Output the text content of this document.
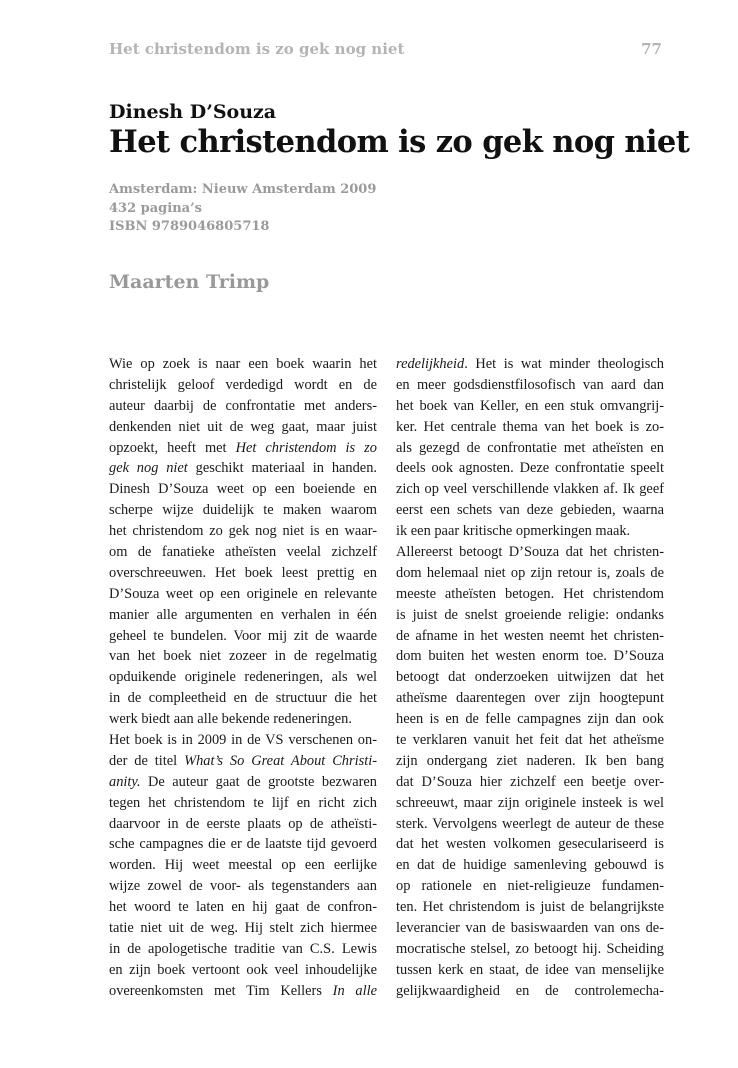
Het christendom is zo gek nog niet	77
Dinesh D’Souza
Het christendom is zo gek nog niet
Amsterdam: Nieuw Amsterdam 2009
432 pagina’s
ISBN 9789046805718
Maarten Trimp
Wie op zoek is naar een boek waarin het
christelijk geloof verdedigd wordt en de
auteur daarbij de confrontatie met anders-
denkenden niet uit de weg gaat, maar juist
opzoekt, heeft met Het christendom is zo
gek nog niet geschikt materiaal in handen.
Dinesh D’Souza weet op een boeiende en
scherpe wijze duidelijk te maken waarom
het christendom zo gek nog niet is en waar-
om de fanatieke atheïsten veelal zichzelf
overschreeuwen. Het boek leest prettig en
D’Souza weet op een originele en relevante
manier alle argumenten en verhalen in één
geheel te bundelen. Voor mij zit de waarde
van het boek niet zozeer in de regelmatig
opduikende originele redeneringen, als wel
in de compleetheid en de structuur die het
werk biedt aan alle bekende redeneringen.
Het boek is in 2009 in de VS verschenen on-
der de titel What’s So Great About Christi-
anity. De auteur gaat de grootste bezwaren
tegen het christendom te lijf en richt zich
daarvoor in de eerste plaats op de atheïsti-
sche campagnes die er de laatste tijd gevoerd
worden. Hij weet meestal op een eerlijke
wijze zowel de voor- als tegenstanders aan
het woord te laten en hij gaat de confron-
tatie niet uit de weg. Hij stelt zich hiermee
in de apologetische traditie van C.S. Lewis
en zijn boek vertoont ook veel inhoudelijke
overeenkomsten met Tim Kellers In alle
redelijkheid. Het is wat minder theologisch
en meer godsdienstfilosofisch van aard dan
het boek van Keller, en een stuk omvangrij-
ker. Het centrale thema van het boek is zo-
als gezegd de confrontatie met atheïsten en
deels ook agnosten. Deze confrontatie speelt
zich op veel verschillende vlakken af. Ik geef
eerst een schets van deze gebieden, waarna
ik een paar kritische opmerkingen maak.
Allereerst betoogt D’Souza dat het christen-
dom helemaal niet op zijn retour is, zoals de
meeste atheïsten betogen. Het christendom
is juist de snelst groeiende religie: ondanks
de afname in het westen neemt het christen-
dom buiten het westen enorm toe. D’Souza
betoogt dat onderzoeken uitwijzen dat het
atheïsme daarentegen over zijn hoogtepunt
heen is en de felle campagnes zijn dan ook
te verklaren vanuit het feit dat het atheïsme
zijn ondergang ziet naderen. Ik ben bang
dat D’Souza hier zichzelf een beetje over-
schreeuwt, maar zijn originele insteek is wel
sterk. Vervolgens weerlegt de auteur de these
dat het westen volkomen geseculariseerd is
en dat de huidige samenleving gebouwd is
op rationele en niet-religieuze fundamen-
ten. Het christendom is juist de belangrijkste
leverancier van de basiswaarden van ons de-
mocratische stelsel, zo betoogt hij. Scheiding
tussen kerk en staat, de idee van menselijke
gelijkwaardigheid en de controlemecha-
